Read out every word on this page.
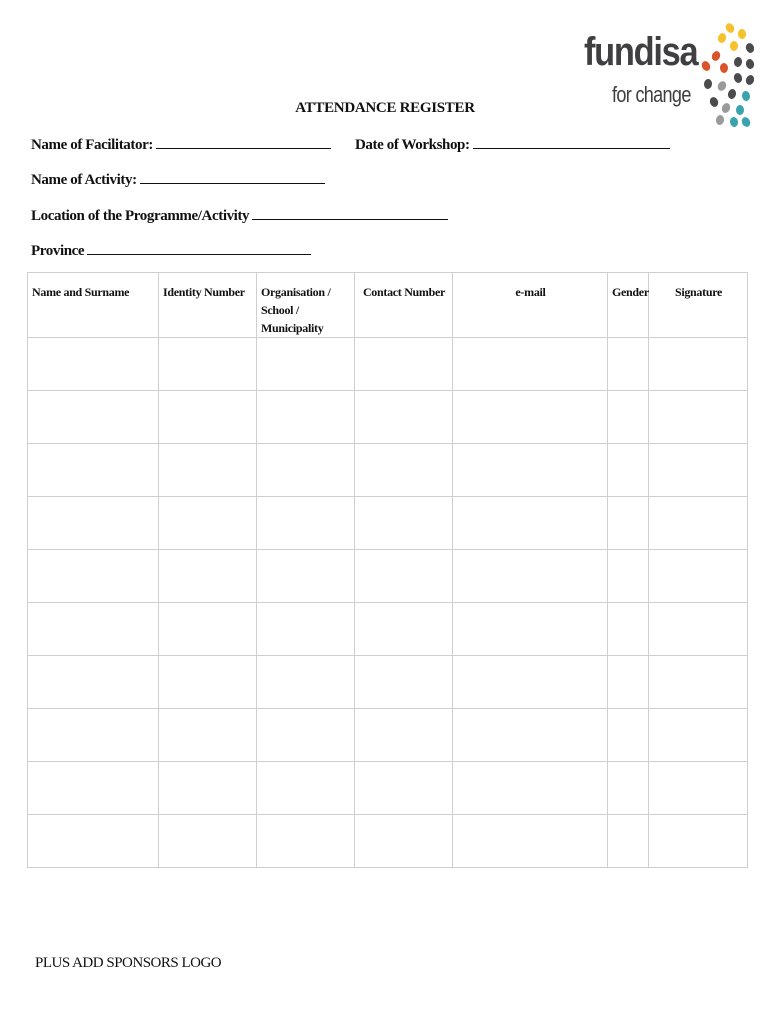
fundisa
for change
ATTENDANCE REGISTER
Name of Facilitator:	Date of Workshop:
Name of Activity:
Location of the Programme/Activity
Province
Name and Surname	Identity Number	Organisation / School / Municipality	Contact Number	e-mail	Gender	Signature

PLUS ADD SPONSORS LOGO
